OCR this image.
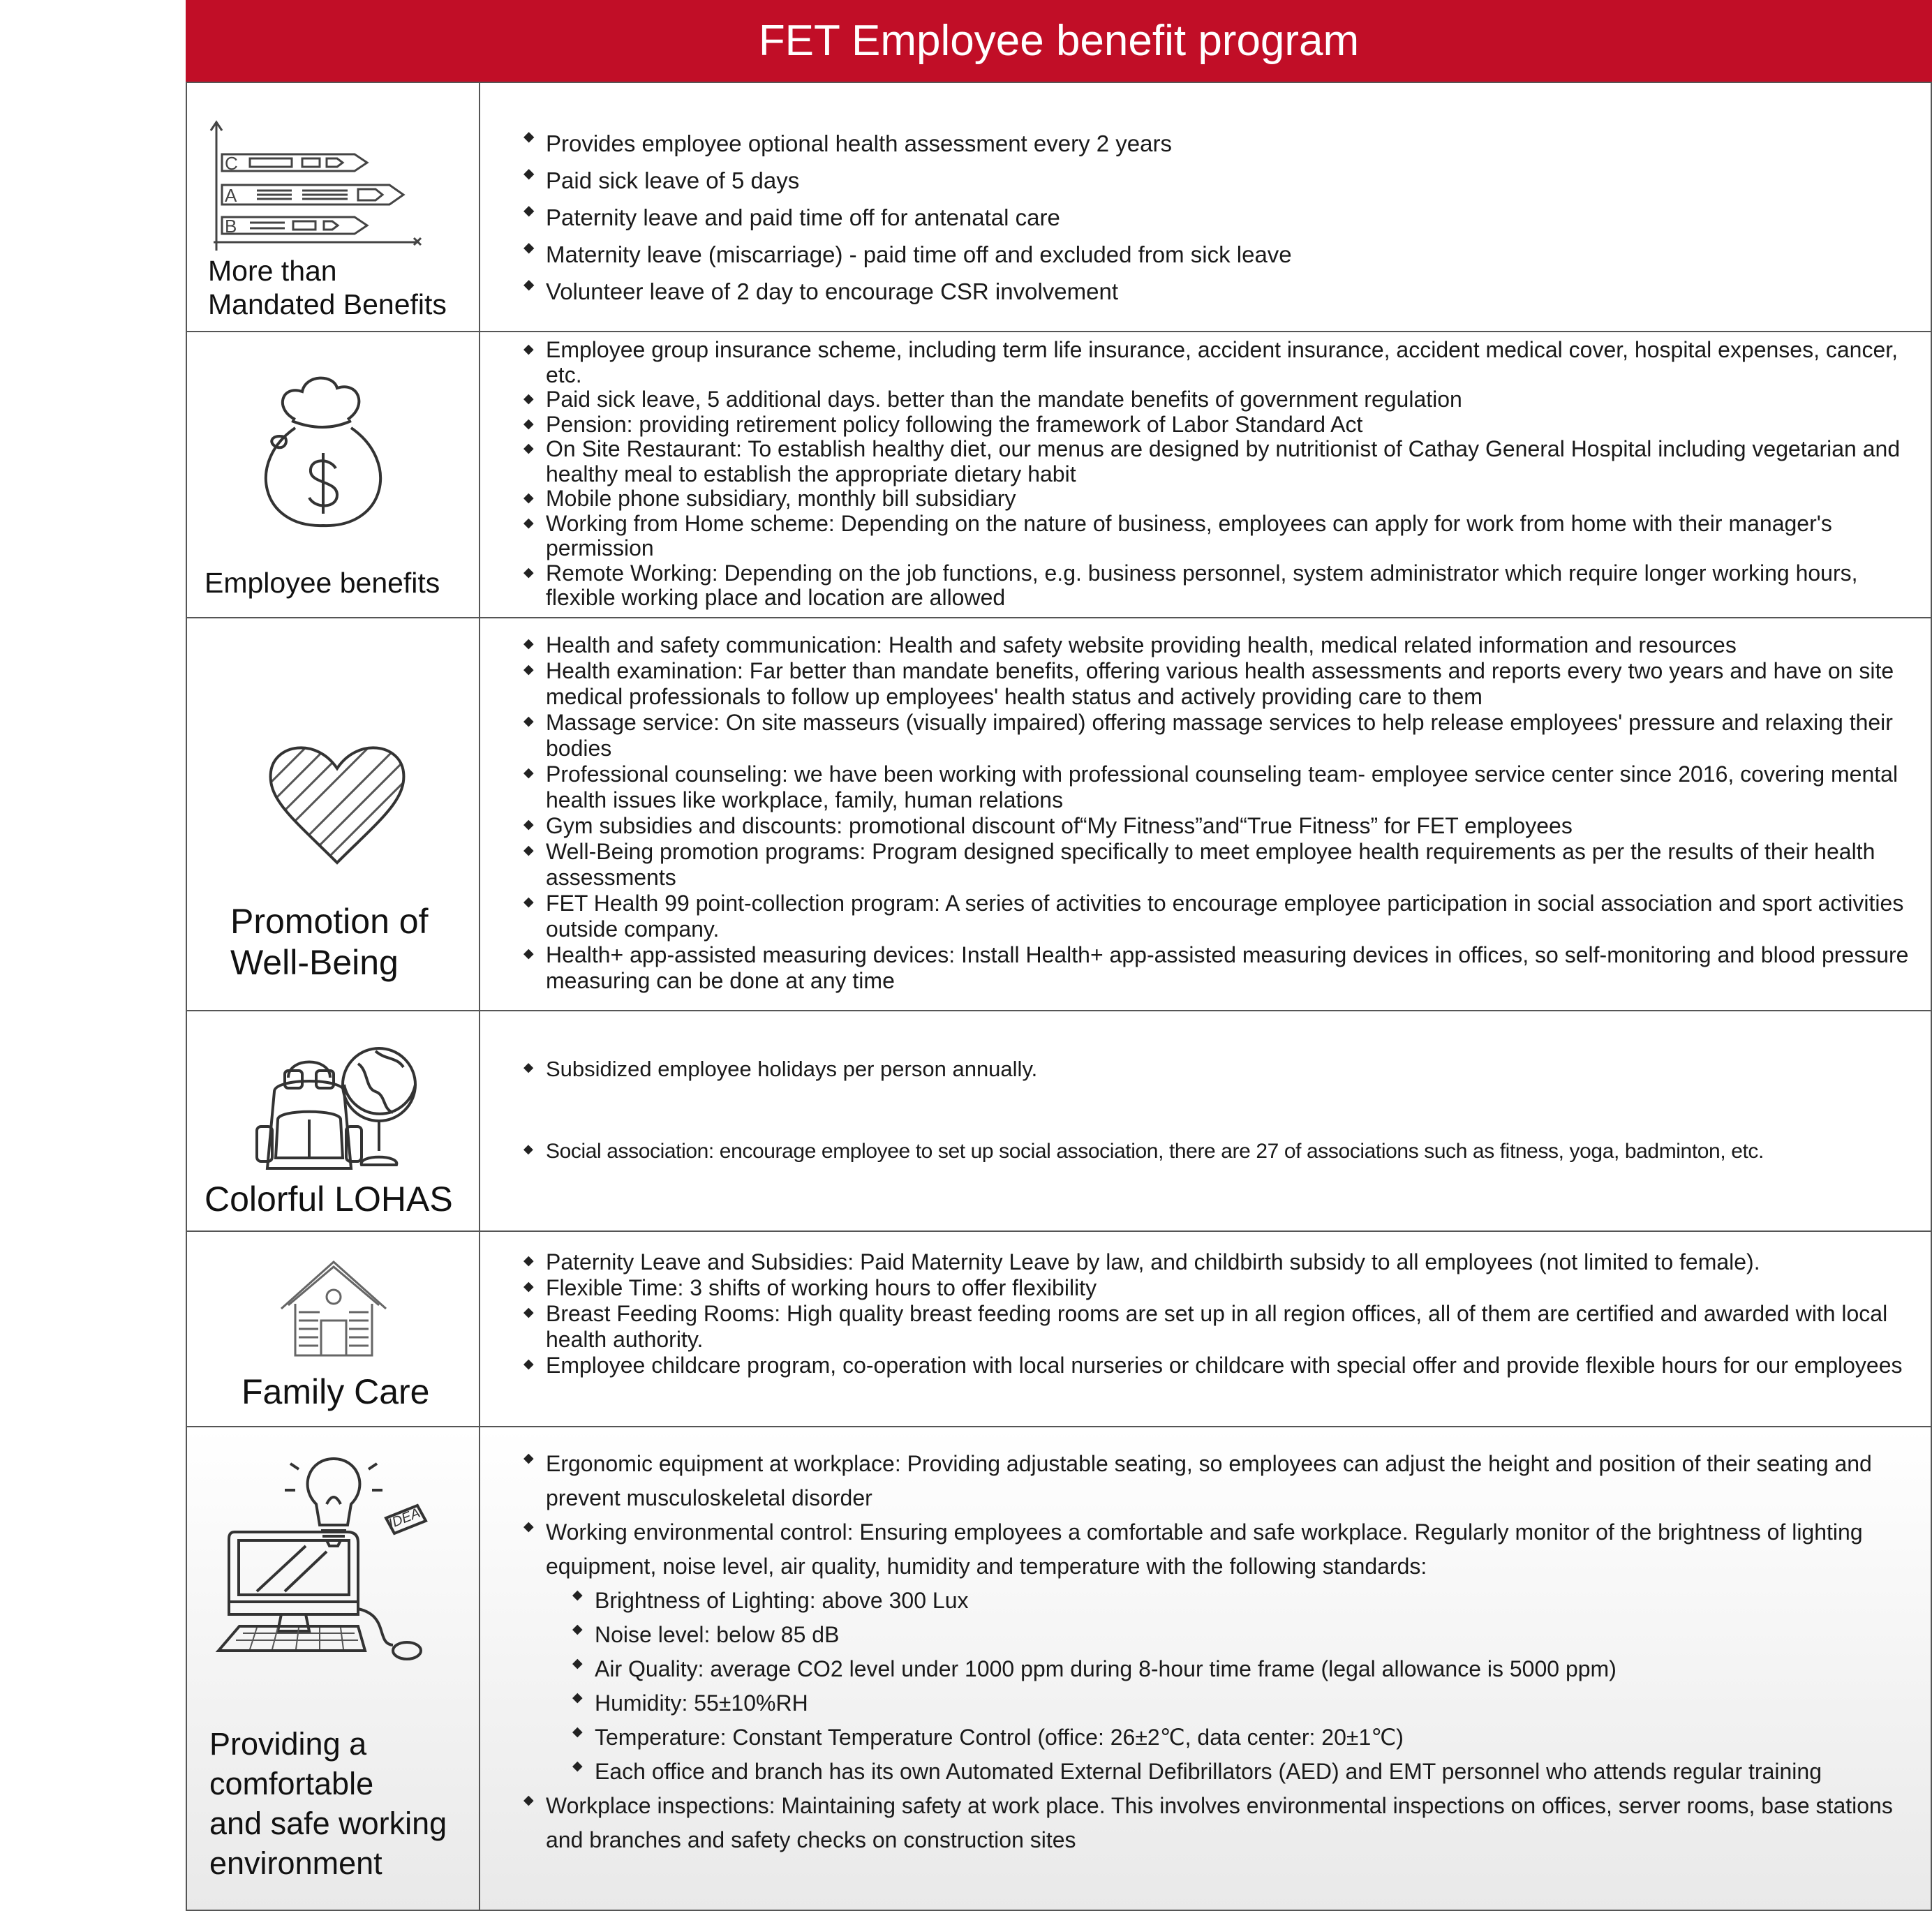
FET Employee benefit program
C
A
B
More than
Mandated Benefits
◆ Provides employee optional health assessment every 2 years
◆ Paid sick leave of 5 days
◆ Paternity leave and paid time off for antenatal care
◆ Maternity leave (miscarriage) - paid time off and excluded from sick leave
◆ Volunteer leave of 2 day to encourage CSR involvement
Employee benefits
◆ Employee group insurance scheme, including term life insurance, accident insurance, accident medical cover, hospital expenses, cancer, etc.
◆ Paid sick leave, 5 additional days. better than the mandate benefits of government regulation
◆ Pension: providing retirement policy following the framework of Labor Standard Act
◆ On Site Restaurant: To establish healthy diet, our menus are designed by nutritionist of Cathay General Hospital including vegetarian and healthy meal to establish the appropriate dietary habit
◆ Mobile phone subsidiary, monthly bill subsidiary
◆ Working from Home scheme: Depending on the nature of business, employees can apply for work from home with their manager's permission
◆ Remote Working: Depending on the job functions, e.g. business personnel, system administrator which require longer working hours, flexible working place and location are allowed
Promotion of
Well-Being
◆ Health and safety communication: Health and safety website providing health, medical related information and resources
◆ Health examination: Far better than mandate benefits, offering various health assessments and reports every two years and have on site medical professionals to follow up employees' health status and actively providing care to them
◆ Massage service: On site masseurs (visually impaired) offering massage services to help release employees' pressure and relaxing their bodies
◆ Professional counseling: we have been working with professional counseling team- employee service center since 2016, covering mental health issues like workplace, family, human relations
◆ Gym subsidies and discounts: promotional discount of“My Fitness”and“True Fitness” for FET employees
◆ Well-Being promotion programs: Program designed specifically to meet employee health requirements as per the results of their health assessments
◆ FET Health 99 point-collection program: A series of activities to encourage employee participation in social association and sport activities outside company.
◆ Health+ app-assisted measuring devices: Install Health+ app-assisted measuring devices in offices, so self-monitoring and blood pressure measuring can be done at any time
Colorful LOHAS
◆ Subsidized employee holidays per person annually.
◆ Social association: encourage employee to set up social association, there are 27 of associations such as fitness, yoga, badminton, etc.
Family Care
◆ Paternity Leave and Subsidies: Paid Maternity Leave by law, and childbirth subsidy to all employees (not limited to female).
◆ Flexible Time: 3 shifts of working hours to offer flexibility
◆ Breast Feeding Rooms: High quality breast feeding rooms are set up in all region offices, all of them are certified and awarded with local health authority.
◆ Employee childcare program, co-operation with local nurseries or childcare with special offer and provide flexible hours for our employees
IDEA
Providing a
comfortable
and safe working
environment
◆ Ergonomic equipment at workplace: Providing adjustable seating, so employees can adjust the height and position of their seating and prevent musculoskeletal disorder
◆ Working environmental control: Ensuring employees a comfortable and safe workplace. Regularly monitor of the brightness of lighting equipment, noise level, air quality, humidity and temperature with the following standards:
◆ Brightness of Lighting: above 300 Lux
◆ Noise level: below 85 dB
◆ Air Quality: average CO2 level under 1000 ppm during 8-hour time frame (legal allowance is 5000 ppm)
◆ Humidity: 55±10%RH
◆ Temperature: Constant Temperature Control (office: 26±2℃, data center: 20±1℃)
◆ Each office and branch has its own Automated External Defibrillators (AED) and EMT personnel who attends regular training
◆ Workplace inspections: Maintaining safety at work place. This involves environmental inspections on offices, server rooms, base stations and branches and safety checks on construction sites
